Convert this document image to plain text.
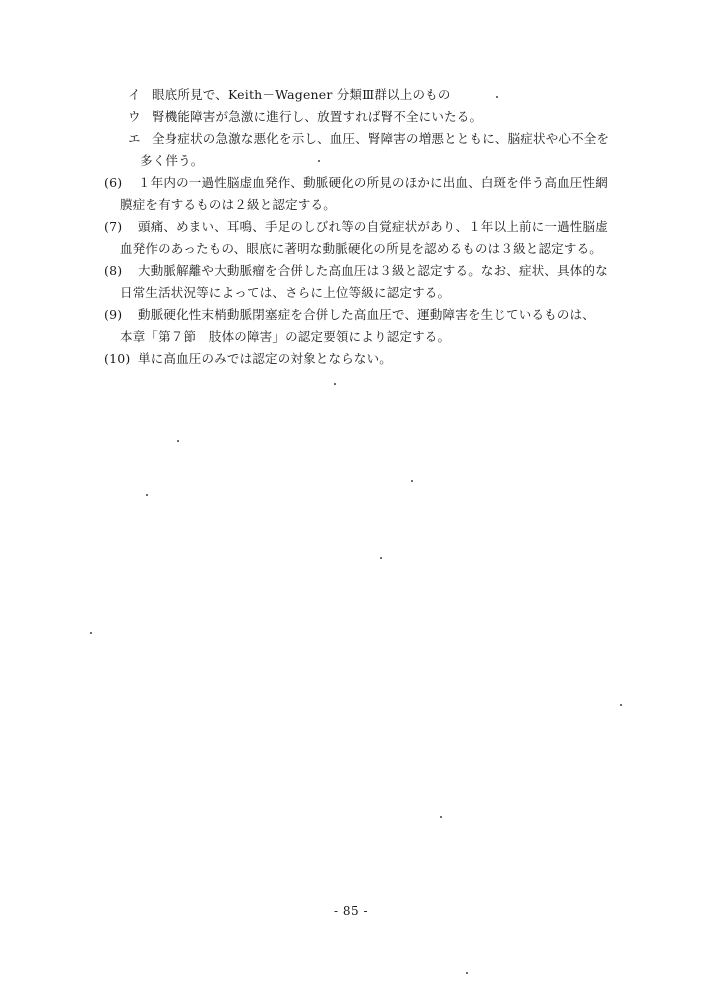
イ 眼底所見で、Keith－Wagener 分類Ⅲ群以上のもの
ウ 腎機能障害が急激に進行し、放置すれば腎不全にいたる。
エ 全身症状の急激な悪化を示し、血圧、腎障害の増悪とともに、脳症状や心不全を
多く伴う。
(6) １年内の一過性脳虚血発作、動脈硬化の所見のほかに出血、白斑を伴う高血圧性網
膜症を有するものは２級と認定する。
(7) 頭痛、めまい、耳鳴、手足のしびれ等の自覚症状があり、１年以上前に一過性脳虚
血発作のあったもの、眼底に著明な動脈硬化の所見を認めるものは３級と認定する。
(8) 大動脈解離や大動脈瘤を合併した高血圧は３級と認定する。なお、症状、具体的な
日常生活状況等によっては、さらに上位等級に認定する。
(9) 動脈硬化性末梢動脈閉塞症を合併した高血圧で、運動障害を生じているものは、
本章「第７節　肢体の障害」の認定要領により認定する。
(10) 単に高血圧のみでは認定の対象とならない。
- 85 -
